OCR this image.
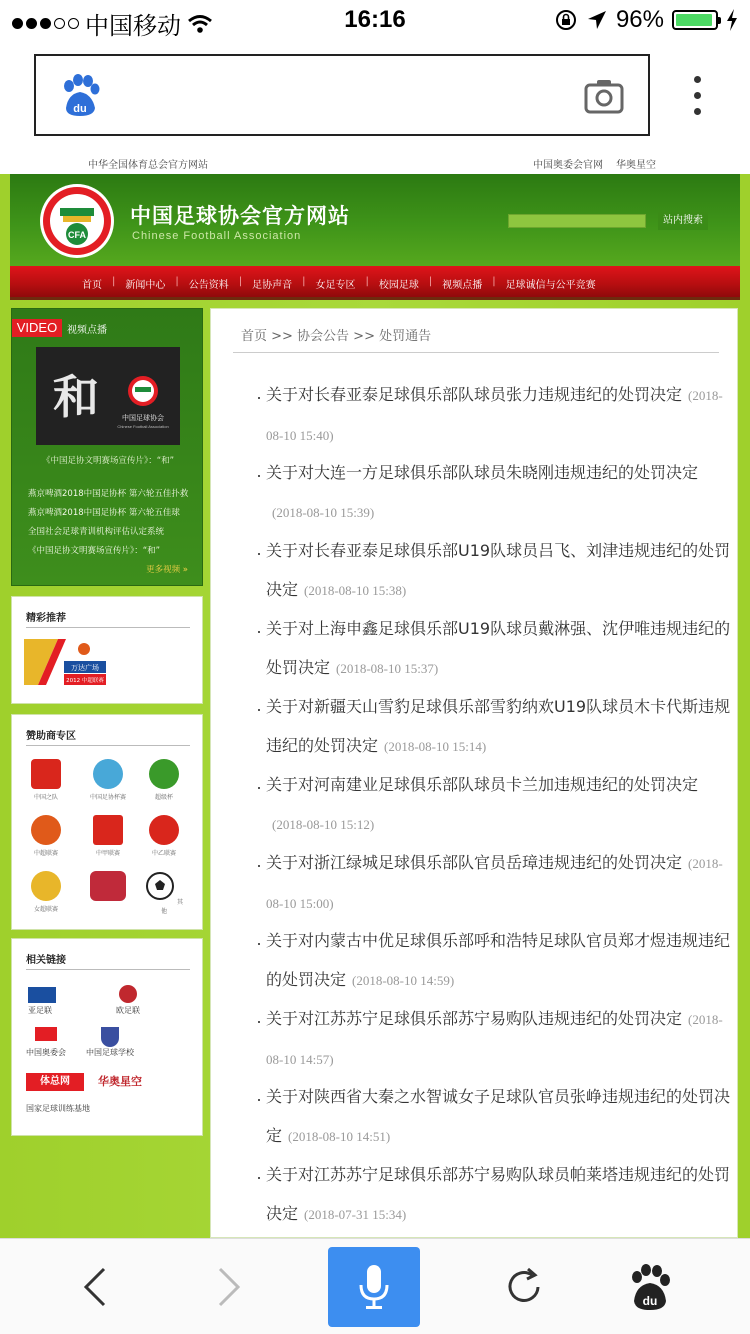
中国移动	16:16	96%
du
中华全国体育总会官方网站	中国奥委会官网 华奥星空
CFA
中国足球协会官方网站
Chinese Football Association
站内搜索
首页	|	新闻中心	|	公告资料	|	足协声音	|	女足专区	|	校园足球	|	视频点播	|	足球诚信与公平竞赛
VIDEO 视频点播
和	中国足球协会
Chinese Football Association
《中国足协文明赛场宣传片》：“和”
燕京啤酒2018中国足协杯 第六轮五佳扑救
燕京啤酒2018中国足协杯 第六轮五佳球
全国社会足球青训机构评估认定系统
《中国足协文明赛场宣传片》：“和”
更多视频 »
精彩推荐
万达广场
2012 中超联赛
赞助商专区
中国之队	中国足协杯赛	超级杯
中超联赛	中甲联赛	中乙联赛
女超联赛
其他
相关链接
亚足联	欧足联
中国奥委会	中国足球学校
体总网	华奥星空
国家足球训练基地
首页 >> 协会公告 >> 处罚通告
关于对长春亚泰足球俱乐部队球员张力违规违纪的处罚决定 (2018-08-10 15:40)
关于对大连一方足球俱乐部队球员朱晓刚违规违纪的处罚决定(2018-08-10 15:39)
关于对长春亚泰足球俱乐部U19队球员吕飞、刘津违规违纪的处罚决定 (2018-08-10 15:38)
关于对上海申鑫足球俱乐部U19队球员戴淋强、沈伊唯违规违纪的处罚决定 (2018-08-10 15:37)
关于对新疆天山雪豹足球俱乐部雪豹纳欢U19队球员木卡代斯违规违纪的处罚决定 (2018-08-10 15:14)
关于对河南建业足球俱乐部队球员卡兰加违规违纪的处罚决定(2018-08-10 15:12)
关于对浙江绿城足球俱乐部队官员岳璋违规违纪的处罚决定 (2018-08-10 15:00)
关于对内蒙古中优足球俱乐部呼和浩特足球队官员郑才煜违规违纪的处罚决定 (2018-08-10 14:59)
关于对江苏苏宁足球俱乐部苏宁易购队违规违纪的处罚决定 (2018-08-10 14:57)
关于对陕西省大秦之水智诚女子足球队官员张峥违规违纪的处罚决定 (2018-08-10 14:51)
关于对江苏苏宁足球俱乐部苏宁易购队球员帕莱塔违规违纪的处罚决定 (2018-07-31 15:34)
du
